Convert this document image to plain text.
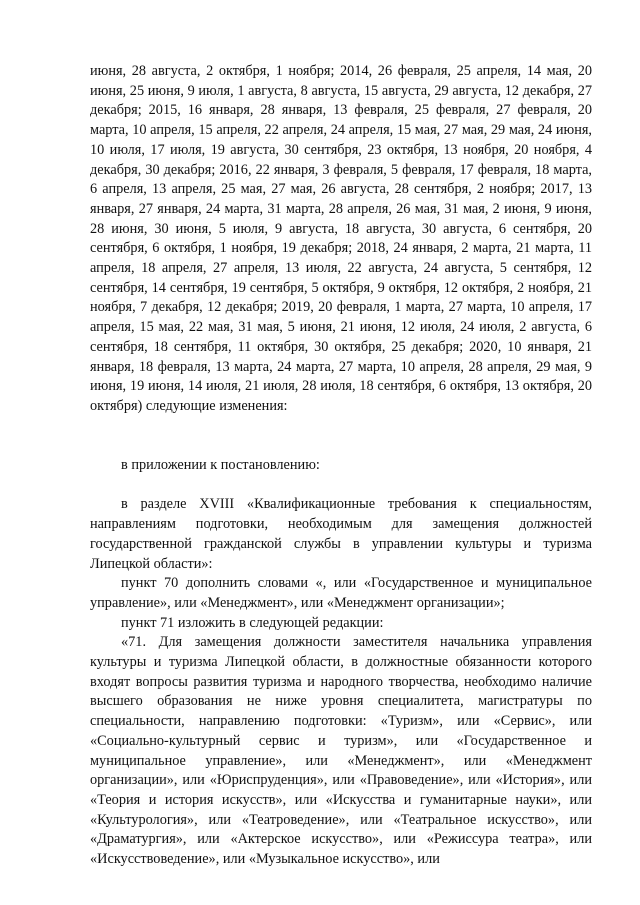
июня, 28 августа, 2 октября, 1 ноября; 2014, 26 февраля, 25 апреля, 14 мая, 20 июня, 25 июня, 9 июля, 1 августа, 8 августа, 15 августа, 29 августа, 12 декабря, 27 декабря; 2015, 16 января, 28 января, 13 февраля, 25 февраля, 27 февраля, 20 марта, 10 апреля, 15 апреля, 22 апреля, 24 апреля, 15 мая, 27 мая, 29 мая, 24 июня, 10 июля, 17 июля, 19 августа, 30 сентября, 23 октября, 13 ноября, 20 ноября, 4 декабря, 30 декабря; 2016, 22 января, 3 февраля, 5 февраля, 17 февраля, 18 марта, 6 апреля, 13 апреля, 25 мая, 27 мая, 26 августа, 28 сентября, 2 ноября; 2017, 13 января, 27 января, 24 марта, 31 марта, 28 апреля, 26 мая, 31 мая, 2 июня, 9 июня, 28 июня, 30 июня, 5 июля, 9 августа, 18 августа, 30 августа, 6 сентября, 20 сентября, 6 октября, 1 ноября, 19 декабря; 2018, 24 января, 2 марта, 21 марта, 11 апреля, 18 апреля, 27 апреля, 13 июля, 22 августа, 24 августа, 5 сентября, 12 сентября, 14 сентября, 19 сентября, 5 октября, 9 октября, 12 октября, 2 ноября, 21 ноября, 7 декабря, 12 декабря; 2019, 20 февраля, 1 марта, 27 марта, 10 апреля, 17 апреля, 15 мая, 22 мая, 31 мая, 5 июня, 21 июня, 12 июля, 24 июля, 2 августа, 6 сентября, 18 сентября, 11 октября, 30 октября, 25 декабря; 2020, 10 января, 21 января, 18 февраля, 13 марта, 24 марта, 27 марта, 10 апреля, 28 апреля, 29 мая, 9 июня, 19 июня, 14 июля, 21 июля, 28 июля, 18 сентября, 6 октября, 13 октября, 20 октября) следующие изменения:

в приложении к постановлению:

в разделе XVIII «Квалификационные требования к специальностям, направлениям подготовки, необходимым для замещения должностей государственной гражданской службы в управлении культуры и туризма Липецкой области»:

пункт 70 дополнить словами «, или «Государственное и муниципальное управление», или «Менеджмент», или «Менеджмент организации»;

пункт 71 изложить в следующей редакции:

«71. Для замещения должности заместителя начальника управления культуры и туризма Липецкой области, в должностные обязанности которого входят вопросы развития туризма и народного творчества, необходимо наличие высшего образования не ниже уровня специалитета, магистратуры по специальности, направлению подготовки: «Туризм», или «Сервис», или «Социально-культурный сервис и туризм», или «Государственное и муниципальное управление», или «Менеджмент», или «Менеджмент организации», или «Юриспруденция», или «Правоведение», или «История», или «Теория и история искусств», или «Искусства и гуманитарные науки», или «Культурология», или «Театроведение», или «Театральное искусство», или «Драматургия», или «Актерское искусство», или «Режиссура театра», или «Искусствоведение», или «Музыкальное искусство», или
